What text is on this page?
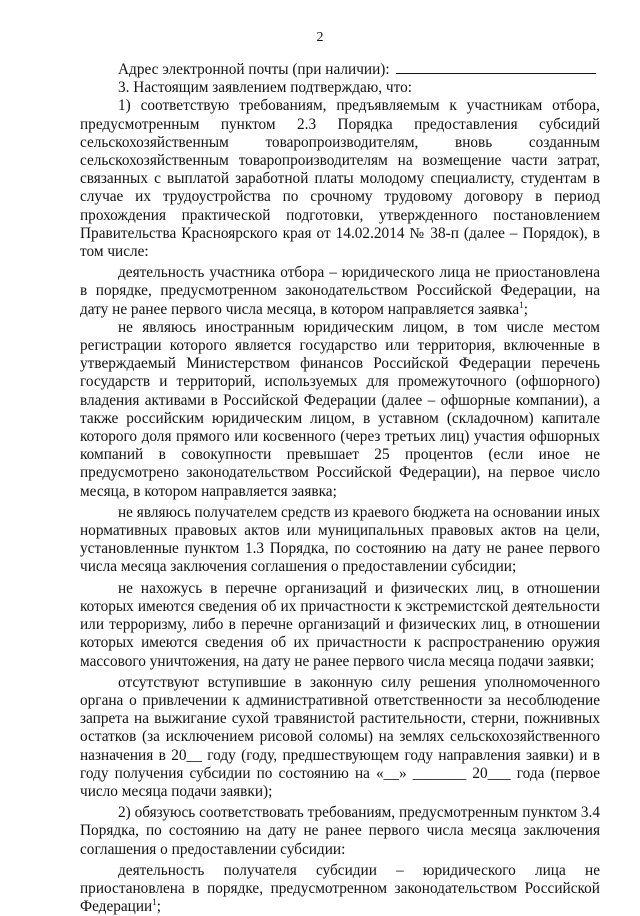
2

Адрес электронной почты (при наличии):

3. Настоящим заявлением подтверждаю, что:

1) соответствую требованиям, предъявляемым к участникам отбора, предусмотренным пунктом 2.3 Порядка предоставления субсидий сельскохозяйственным товаропроизводителям, вновь созданным сельскохозяйственным товаропроизводителям на возмещение части затрат, связанных с выплатой заработной платы молодому специалисту, студентам в случае их трудоустройства по срочному трудовому договору в период прохождения практической подготовки, утвержденного постановлением Правительства Красноярского края от 14.02.2014 № 38-п (далее – Порядок), в том числе:

деятельность участника отбора – юридического лица не приостановлена в порядке, предусмотренном законодательством Российской Федерации, на дату не ранее первого числа месяца, в котором направляется заявка$^1$;

не являюсь иностранным юридическим лицом, в том числе местом регистрации которого является государство или территория, включенные в утверждаемый Министерством финансов Российской Федерации перечень государств и территорий, используемых для промежуточного (офшорного) владения активами в Российской Федерации (далее – офшорные компании), а также российским юридическим лицом, в уставном (складочном) капитале которого доля прямого или косвенного (через третьих лиц) участия офшорных компаний в совокупности превышает 25 процентов (если иное не предусмотрено законодательством Российской Федерации), на первое число месяца, в котором направляется заявка;

не являюсь получателем средств из краевого бюджета на основании иных нормативных правовых актов или муниципальных правовых актов на цели, установленные пунктом 1.3 Порядка, по состоянию на дату не ранее первого числа месяца заключения соглашения о предоставлении субсидии;

не нахожусь в перечне организаций и физических лиц, в отношении которых имеются сведения об их причастности к экстремистской деятельности или терроризму, либо в перечне организаций и физических лиц, в отношении которых имеются сведения об их причастности к распространению оружия массового уничтожения, на дату не ранее первого числа месяца подачи заявки;

отсутствуют вступившие в законную силу решения уполномоченного органа о привлечении к административной ответственности за несоблюдение запрета на выжигание сухой травянистой растительности, стерни, пожнивных остатков (за исключением рисовой соломы) на землях сельскохозяйственного назначения в 20__ году (году, предшествующем году направления заявки) и в году получения субсидии по состоянию на «__» _______ 20___ года (первое число месяца подачи заявки);

2) обязуюсь соответствовать требованиям, предусмотренным пунктом 3.4 Порядка, по состоянию на дату не ранее первого числа месяца заключения соглашения о предоставлении субсидии:

деятельность получателя субсидии – юридического лица не приостановлена в порядке, предусмотренном законодательством Российской Федерации$^1$;
